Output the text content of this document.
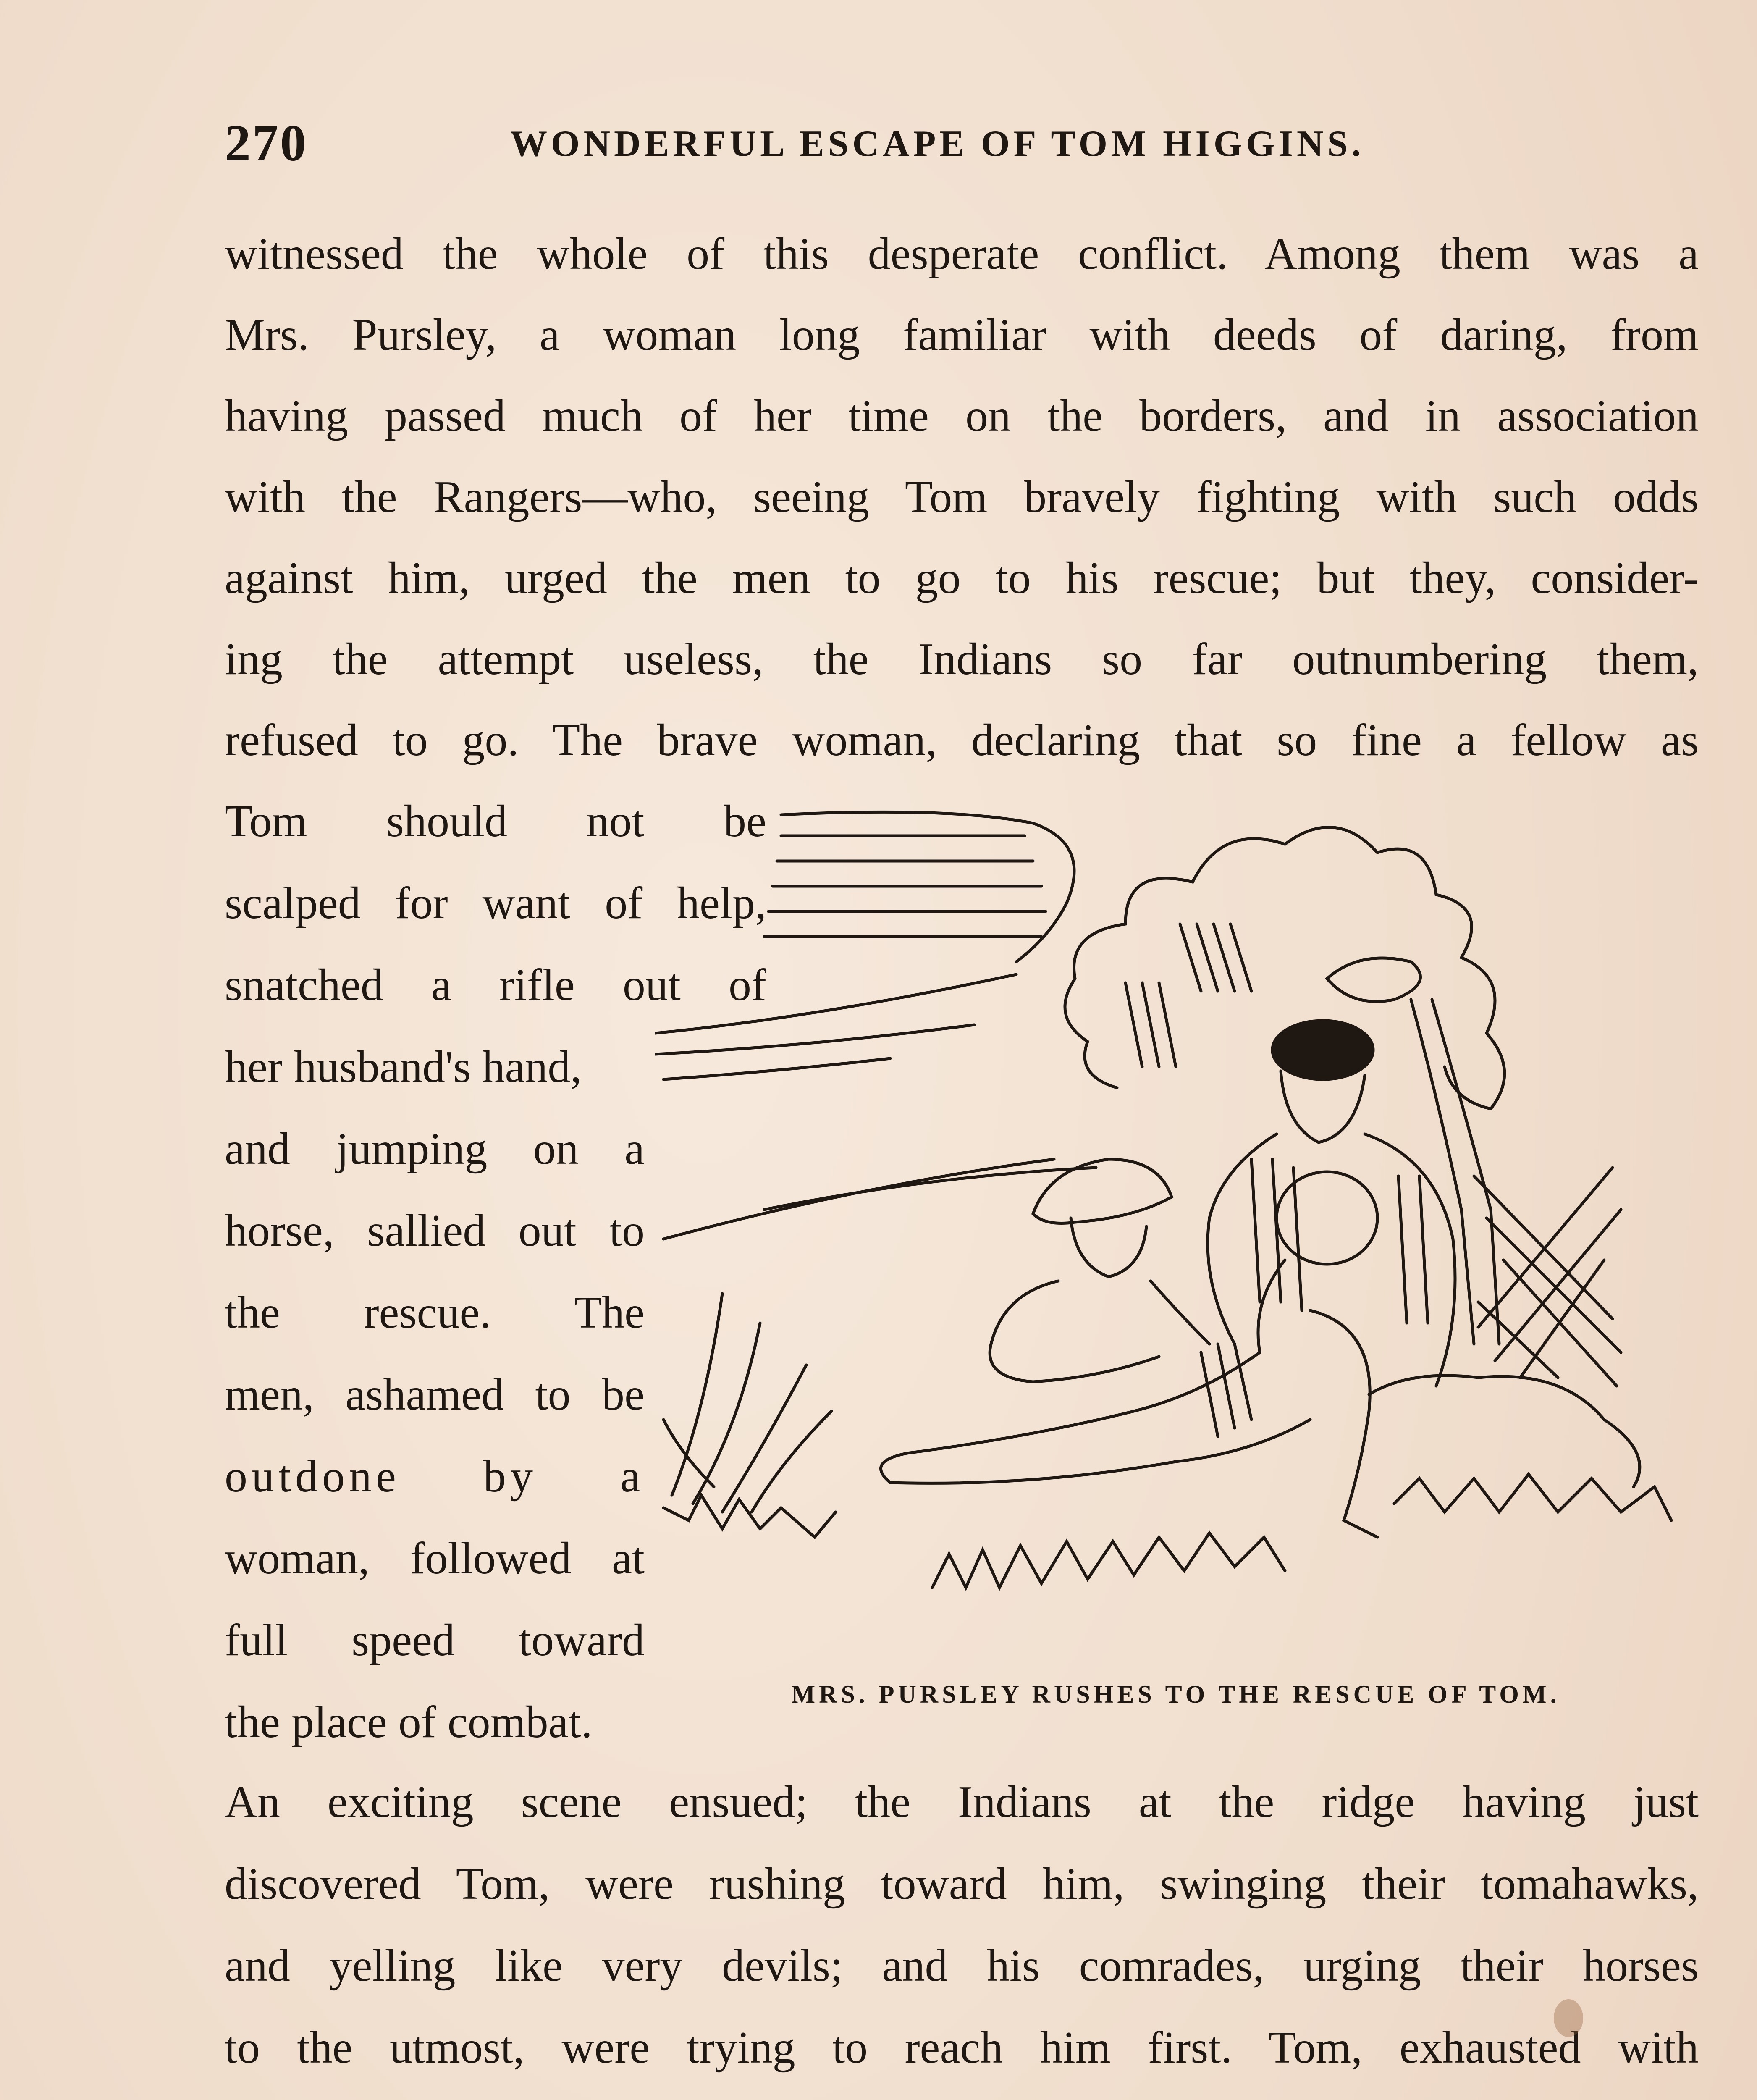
270	WONDERFUL ESCAPE OF TOM HIGGINS.
witnessed the whole of this desperate conflict. Among them was a
Mrs. Pursley, a woman long familiar with deeds of daring, from
having passed much of her time on the borders, and in association
with the Rangers—who, seeing Tom bravely fighting with such odds
against him, urged the men to go to his rescue; but they, consider-
ing the attempt useless, the Indians so far outnumbering them,
refused to go. The brave woman, declaring that so fine a fellow as
Tom should not be
scalped for want of help,
snatched a rifle out of
her husband's hand,
and jumping on a
horse, sallied out to
the rescue. The
men, ashamed to be
outdone by a
woman, followed at
full speed toward
the place of combat.
MRS. PURSLEY RUSHES TO THE RESCUE OF TOM.
An exciting scene ensued; the Indians at the ridge having just
discovered Tom, were rushing toward him, swinging their tomahawks,
and yelling like very devils; and his comrades, urging their horses
to the utmost, were trying to reach him first. Tom, exhausted with
